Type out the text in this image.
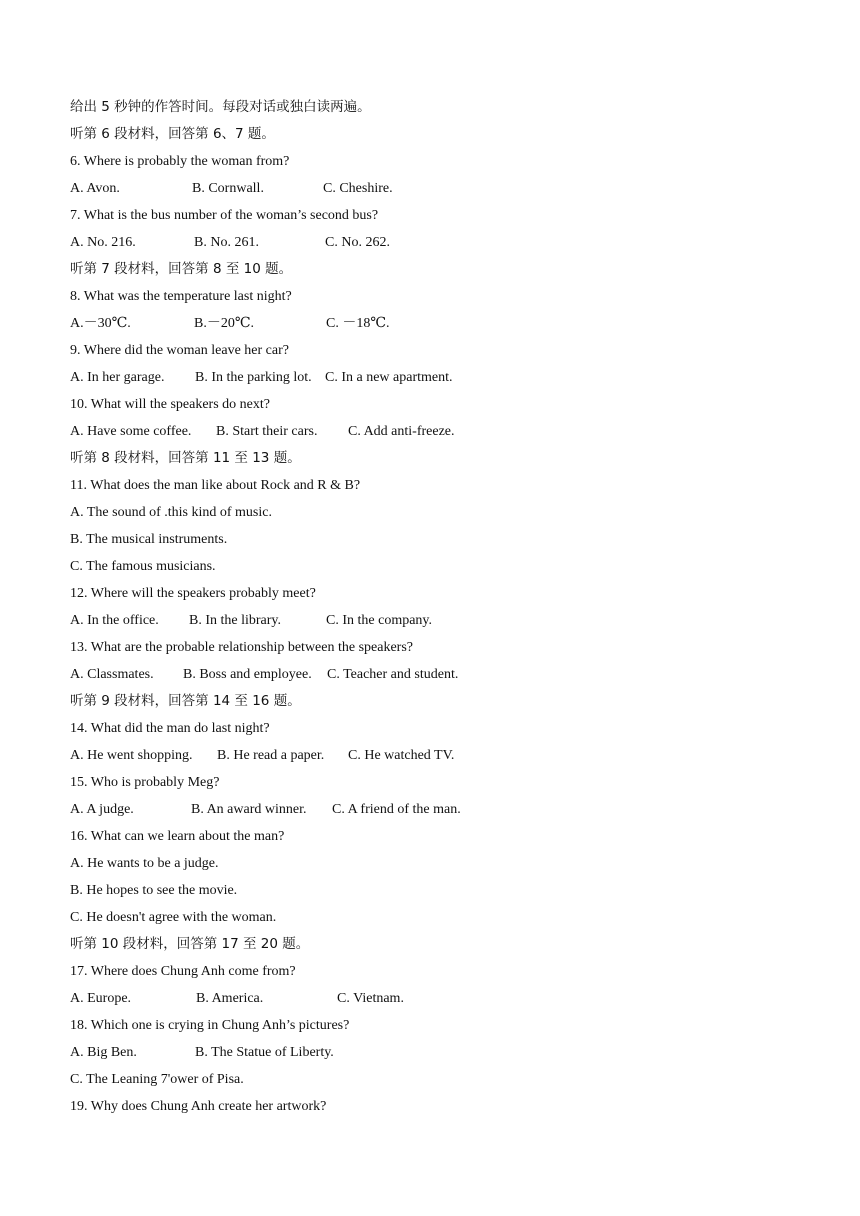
给出 5 秒钟的作答时间。每段对话或独白读两遍。
听第 6 段材料，回答第 6、7 题。
6. Where is probably the woman from?
A. Avon.	B. Cornwall.	C. Cheshire.
7. What is the bus number of the woman’s second bus?
A. No. 216.	B. No. 261.	C. No. 262.
听第 7 段材料，回答第 8 至 10 题。
8. What was the temperature last night?
A.－30℃.	B.－20℃.	C. －18℃.
9. Where did the woman leave her car?
A. In her garage. B. In the parking lot. C. In a new apartment.
10. What will the speakers do next?
A. Have some coffee. B. Start their cars. C. Add anti-freeze.
听第 8 段材料，回答第 11 至 13 题。
11. What does the man like about Rock and R & B?
A. The sound of .this kind of music.
B. The musical instruments.
C. The famous musicians.
12. Where will the speakers probably meet?
A. In the office. B. In the library.	C. In the company.
13. What are the probable relationship between the speakers?
A. Classmates. B. Boss and employee. C. Teacher and student.
听第 9 段材料，回答第 14 至 16 题。
14. What did the man do last night?
A. He went shopping. B. He read a paper. C. He watched TV.
15. Who is probably Meg?
A. A judge.	B. An award winner. C. A friend of the man.
16. What can we learn about the man?
A. He wants to be a judge.
B. He hopes to see the movie.
C. He doesn't agree with the woman.
听第 10 段材料，回答第 17 至 20 题。
17. Where does Chung Anh come from?
A. Europe.	B. America.	C. Vietnam.
18. Which one is crying in Chung Anh’s pictures?
A. Big Ben.	B. The Statue of Liberty.
C. The Leaning 7'ower of Pisa.
19. Why does Chung Anh create her artwork?
